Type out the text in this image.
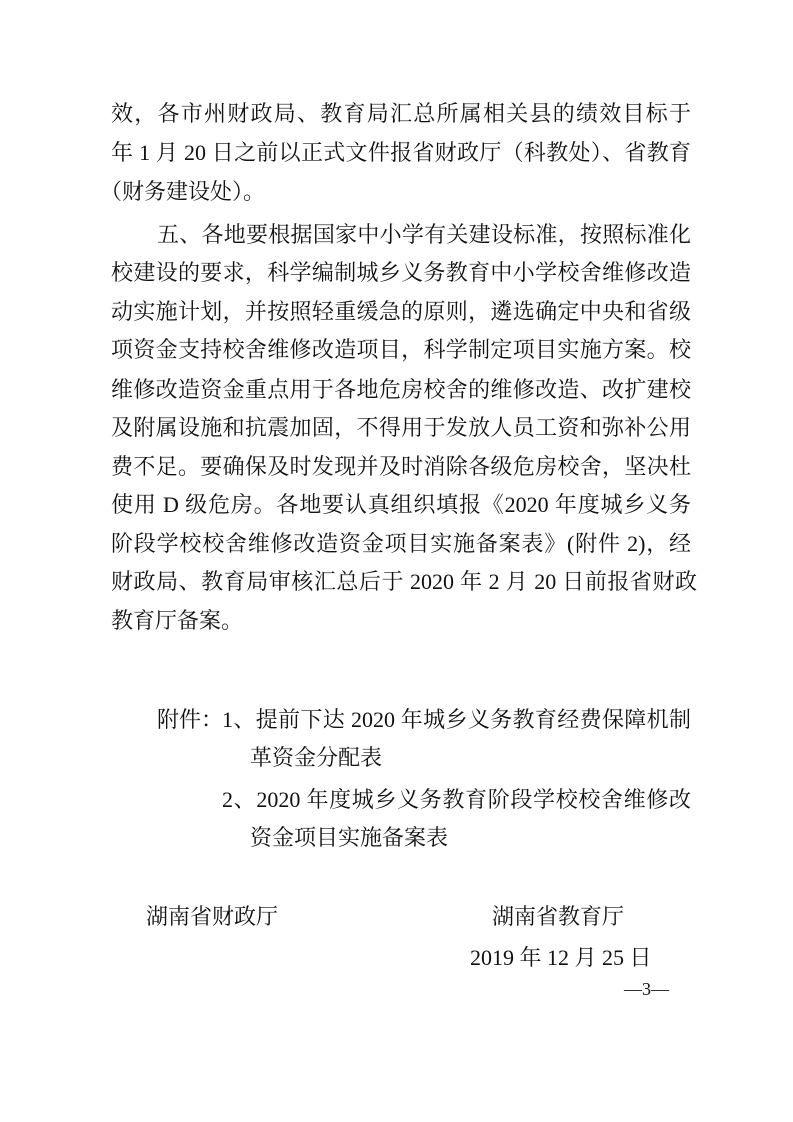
效，各市州财政局、教育局汇总所属相关县的绩效目标于
年 1 月 20 日之前以正式文件报省财政厅（科教处）、省教育
（财务建设处）。
五、各地要根据国家中小学有关建设标准，按照标准化
校建设的要求，科学编制城乡义务教育中小学校舍维修改造
动实施计划，并按照轻重缓急的原则，遴选确定中央和省级
项资金支持校舍维修改造项目，科学制定项目实施方案。校
维修改造资金重点用于各地危房校舍的维修改造、改扩建校
及附属设施和抗震加固，不得用于发放人员工资和弥补公用
费不足。要确保及时发现并及时消除各级危房校舍，坚决杜
使用 D 级危房。各地要认真组织填报《2020 年度城乡义务
阶段学校校舍维修改造资金项目实施备案表》(附件 2)，经
财政局、教育局审核汇总后于 2020 年 2 月 20 日前报省财政
教育厅备案。
附件：
1、提前下达 2020 年城乡义务教育经费保障机制
革资金分配表
2、2020 年度城乡义务教育阶段学校校舍维修改
资金项目实施备案表
湖南省财政厅	湖南省教育厅
2019 年 12 月 25 日
—3—
